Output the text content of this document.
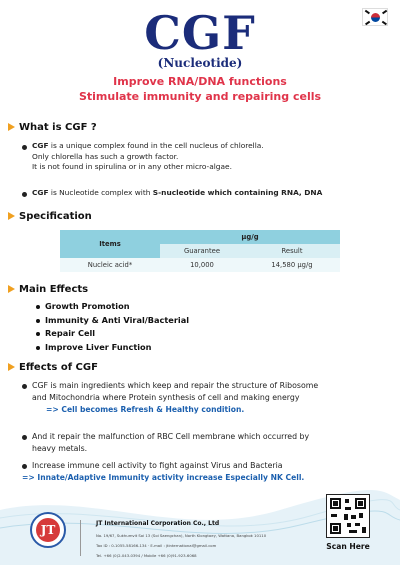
CGF
(Nucleotide)
Improve RNA/DNA functions
Stimulate immunity and repairing cells
What is CGF ?
CGF is a unique complex found in the cell nucleus of chlorella.
Only chlorella has such a growth factor.
It is not found in spirulina or in any other micro-algae.
CGF is Nucleotide complex with S-nucleotide which containing RNA, DNA
Specification
Items	µg/g	
	Guarantee	Result
Nucleic acid*	10,000	14,580 µg/g
Main Effects
Growth Promotion
Immunity & Anti Viral/Bacterial
Repair Cell
Improve Liver Function
Effects of CGF
CGF is main ingredients which keep and repair the structure of Ribosome
and Mitochondria where Protein synthesis of cell and making energy
=> Cell becomes Refresh & Healthy condition.
And it repair the malfunction of RBC Cell membrane which occurred by
heavy metals.
Increase immune cell activity to fight against Virus and Bacteria
=> Innate/Adaptive Immunity activity increase Especially NK Cell.
JT	JT International Corporation Co., Ltd
No. 19/67, Sukhumvit Soi 13 (Soi Saengchan), North Klongtoey, Wattana, Bangkok 10110
Tax ID : 0-1055-58166-134 · E-mail : jtinternational@gmail.com
Tel. +66 (0)2-043-0394 / Mobile +66 (0)91-923-6068
Scan Here
